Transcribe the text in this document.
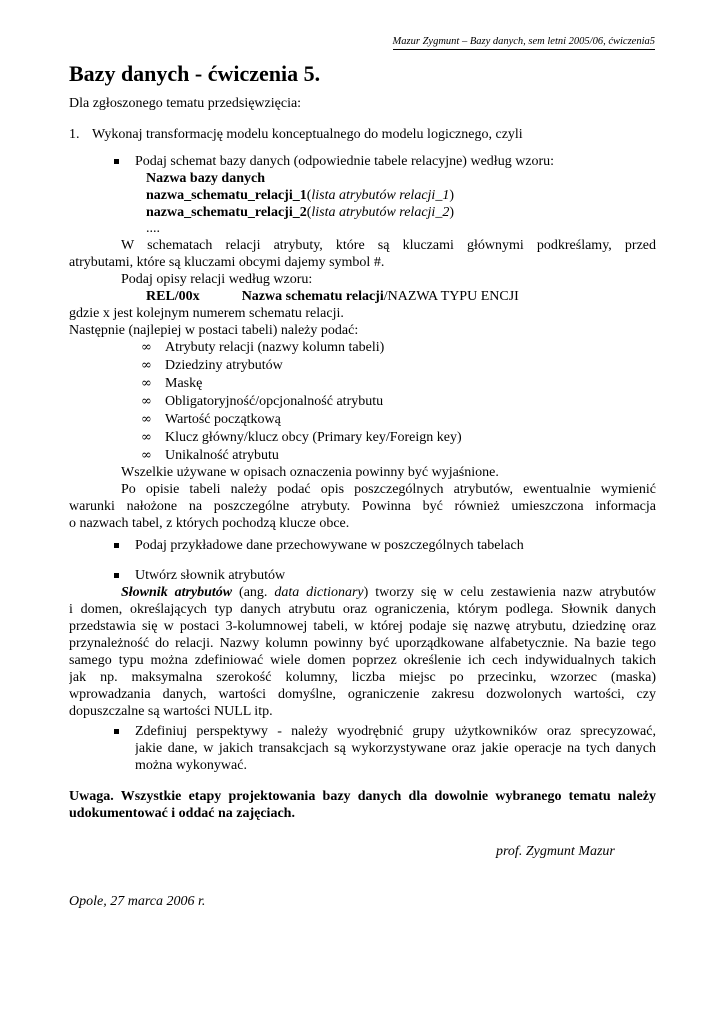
Mazur Zygmunt – Bazy danych, sem letni 2005/06, ćwiczenia5
Bazy danych - ćwiczenia 5.
Dla zgłoszonego tematu przedsięwzięcia:
1. Wykonaj transformację modelu konceptualnego do modelu logicznego, czyli
Podaj schemat bazy danych (odpowiednie tabele relacyjne) według wzoru:
Nazwa bazy danych
nazwa_schematu_relacji_1(lista atrybutów relacji_1)
nazwa_schematu_relacji_2(lista atrybutów relacji_2)
....
W schematach relacji atrybuty, które są kluczami głównymi podkreślamy, przed
atrybutami, które są kluczami obcymi dajemy symbol #.
Podaj opisy relacji według wzoru:
REL/00x	Nazwa schematu relacji/NAZWA TYPU ENCJI
gdzie x jest kolejnym numerem schematu relacji.
Następnie (najlepiej w postaci tabeli) należy podać:
∞ Atrybuty relacji (nazwy kolumn tabeli)
∞ Dziedziny atrybutów
∞ Maskę
∞ Obligatoryjność/opcjonalność atrybutu
∞ Wartość początkową
∞ Klucz główny/klucz obcy (Primary key/Foreign key)
∞ Unikalność atrybutu
Wszelkie używane w opisach oznaczenia powinny być wyjaśnione.
Po opisie tabeli należy podać opis poszczególnych atrybutów, ewentualnie wymienić
warunki nałożone na poszczególne atrybuty. Powinna być również umieszczona informacja
o nazwach tabel, z których pochodzą klucze obce.
Podaj przykładowe dane przechowywane w poszczególnych tabelach
Utwórz słownik atrybutów
Słownik atrybutów (ang. data dictionary) tworzy się w celu zestawienia nazw atrybutów
i domen, określających typ danych atrybutu oraz ograniczenia, którym podlega. Słownik danych
przedstawia się w postaci 3-kolumnowej tabeli, w której podaje się nazwę atrybutu, dziedzinę oraz
przynależność do relacji. Nazwy kolumn powinny być uporządkowane alfabetycznie. Na bazie tego
samego typu można zdefiniować wiele domen poprzez określenie ich cech indywidualnych takich
jak np. maksymalna szerokość kolumny, liczba miejsc po przecinku, wzorzec (maska)
wprowadzania danych, wartości domyślne, ograniczenie zakresu dozwolonych wartości, czy
dopuszczalne są wartości NULL itp.
Zdefiniuj perspektywy - należy wyodrębnić grupy użytkowników oraz sprecyzować,
jakie dane, w jakich transakcjach są wykorzystywane oraz jakie operacje na tych danych
można wykonywać.
Uwaga. Wszystkie etapy projektowania bazy danych dla dowolnie wybranego tematu należy
udokumentować i oddać na zajęciach.
prof. Zygmunt Mazur
Opole, 27 marca 2006 r.
